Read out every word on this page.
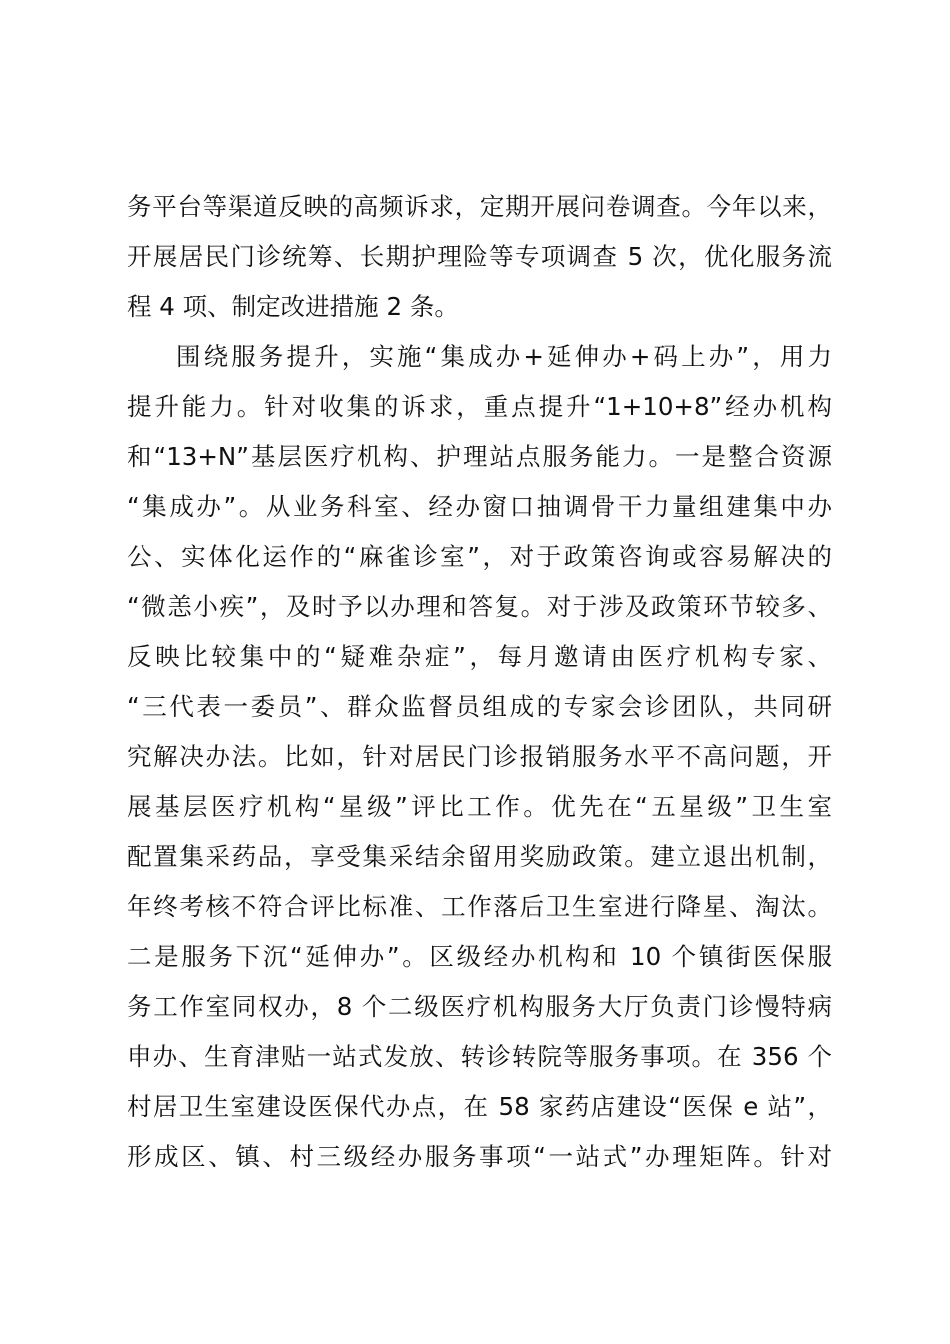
务平台等渠道反映的高频诉求，定期开展问卷调查。今年以来，
开展居民门诊统筹、长期护理险等专项调查 5 次，优化服务流
程 4 项、制定改进措施 2 条。
围绕服务提升，实施“集成办+延伸办+码上办”，用力
提升能力。针对收集的诉求，重点提升“1+10+8”经办机构
和“13+N”基层医疗机构、护理站点服务能力。一是整合资源
“集成办”。从业务科室、经办窗口抽调骨干力量组建集中办
公、实体化运作的“麻雀诊室”，对于政策咨询或容易解决的
“微恙小疾”，及时予以办理和答复。对于涉及政策环节较多、
反映比较集中的“疑难杂症”，每月邀请由医疗机构专家、
“三代表一委员”、群众监督员组成的专家会诊团队，共同研
究解决办法。比如，针对居民门诊报销服务水平不高问题，开
展基层医疗机构“星级”评比工作。优先在“五星级”卫生室
配置集采药品，享受集采结余留用奖励政策。建立退出机制，
年终考核不符合评比标准、工作落后卫生室进行降星、淘汰。
二是服务下沉“延伸办”。区级经办机构和 10 个镇街医保服
务工作室同权办，8 个二级医疗机构服务大厅负责门诊慢特病
申办、生育津贴一站式发放、转诊转院等服务事项。在 356 个
村居卫生室建设医保代办点，在 58 家药店建设“医保 e 站”，
形成区、镇、村三级经办服务事项“一站式”办理矩阵。针对
